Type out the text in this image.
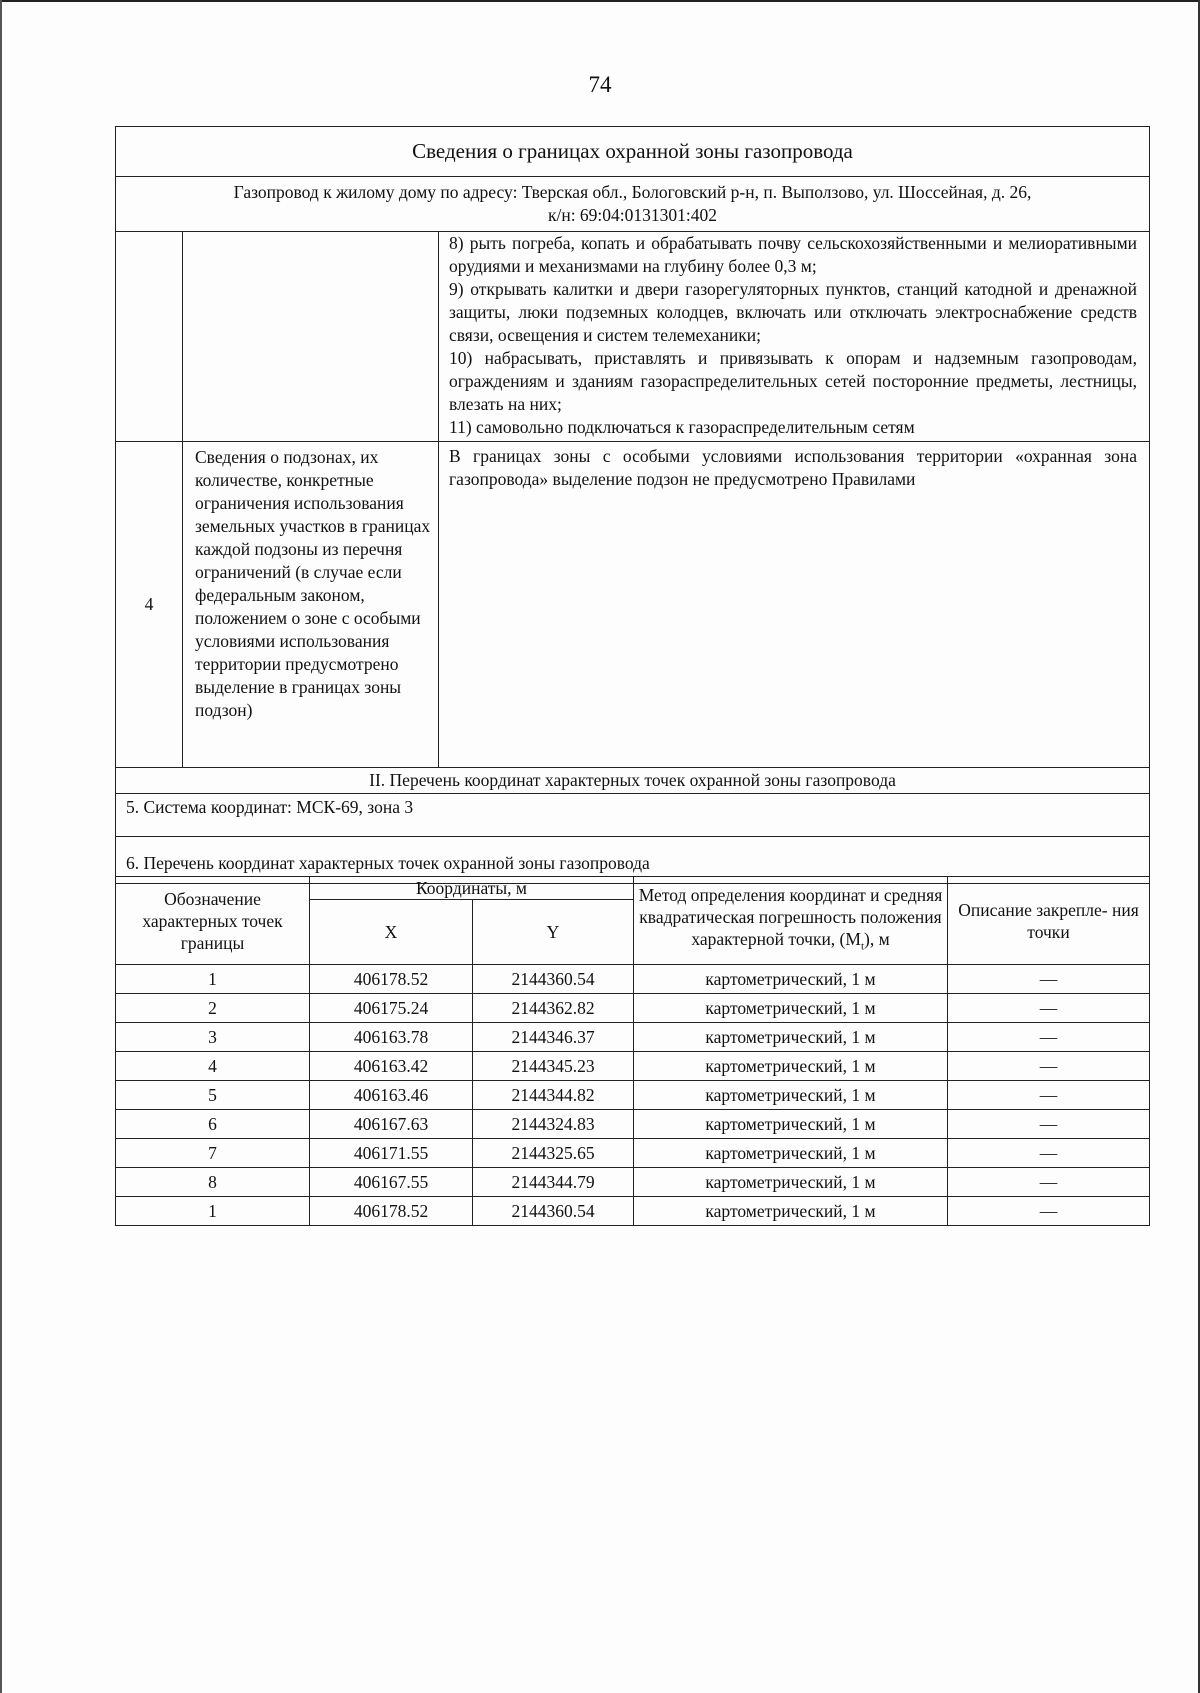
74
Сведения о границах охранной зоны газопровода		
Газопровод к жилому дому по адресу: Тверская обл., Бологовский р-н, п. Выползово, ул. Шоссейная, д. 26,
к/н: 69:04:0131301:402		

		8) рыть погреба, копать и обрабатывать почву сельскохозяйственными и мелиоративными орудиями и механизмами на глубину более 0,3 м;

9) открывать калитки и двери газорегуляторных пунктов, станций катодной и дренажной защиты, люки подземных колодцев, включать или отключать электроснабжение средств связи, освещения и систем телемеханики;

10) набрасывать, приставлять и привязывать к опорам и надземным газопроводам, ограждениям и зданиям газораспределительных сетей посторонние предметы, лестницы, влезать на них;

11) самовольно подключаться к газораспределительным сетям

4	Сведения о подзонах, их количестве, конкретные ограничения использования земельных участков в границах каждой подзоны из перечня ограничений (в случае если федеральным законом, положением о зоне с особыми условиями использования территории предусмотрено выделение в границах зоны подзон)	В границах зоны с особыми условиями использования территории «охранная зона газопровода» выделение подзон не предусмотрено Правилами
II. Перечень координат характерных точек охранной зоны газопровода		
5. Система координат: МСК-69, зона 3		
6. Перечень координат характерных точек охранной зоны газопровода		
Обозначение характерных точек границы	Координаты, м		Метод определения координат и средняя квадратическая погрешность положения характерной точки, $(M_t)$, м	Описание закрепле- ния точки
	X	Y		
1	406178.52	2144360.54	картометрический, 1 м	—
2	406175.24	2144362.82	картометрический, 1 м	—
3	406163.78	2144346.37	картометрический, 1 м	—
4	406163.42	2144345.23	картометрический, 1 м	—
5	406163.46	2144344.82	картометрический, 1 м	—
6	406167.63	2144324.83	картометрический, 1 м	—
7	406171.55	2144325.65	картометрический, 1 м	—
8	406167.55	2144344.79	картометрический, 1 м	—
1	406178.52	2144360.54	картометрический, 1 м	—
